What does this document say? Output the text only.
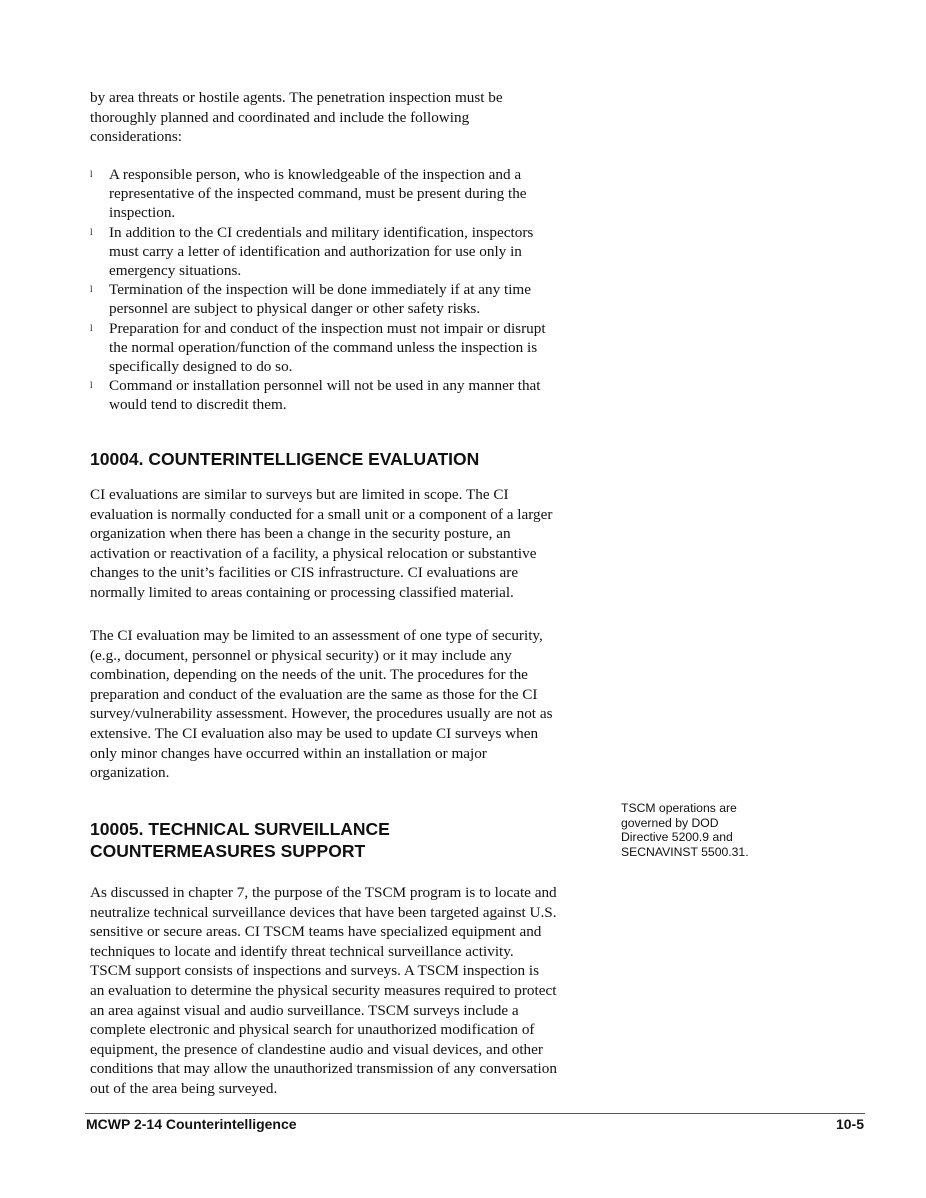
by area threats or hostile agents. The penetration inspection must be
thoroughly planned and coordinated and include the following
considerations:
l A responsible person, who is knowledgeable of the inspection and a
representative of the inspected command, must be present during the
inspection.
l In addition to the CI credentials and military identification, inspectors
must carry a letter of identification and authorization for use only in
emergency situations.
l Termination of the inspection will be done immediately if at any time
personnel are subject to physical danger or other safety risks.
l Preparation for and conduct of the inspection must not impair or disrupt
the normal operation/function of the command unless the inspection is
specifically designed to do so.
l Command or installation personnel will not be used in any manner that
would tend to discredit them.
10004. COUNTERINTELLIGENCE EVALUATION
CI evaluations are similar to surveys but are limited in scope. The CI
evaluation is normally conducted for a small unit or a component of a larger
organization when there has been a change in the security posture, an
activation or reactivation of a facility, a physical relocation or substantive
changes to the unit’s facilities or CIS infrastructure. CI evaluations are
normally limited to areas containing or processing classified material.
The CI evaluation may be limited to an assessment of one type of security,
(e.g., document, personnel or physical security) or it may include any
combination, depending on the needs of the unit. The procedures for the
preparation and conduct of the evaluation are the same as those for the CI
survey/vulnerability assessment. However, the procedures usually are not as
extensive. The CI evaluation also may be used to update CI surveys when
only minor changes have occurred within an installation or major
organization.
10005. TECHNICAL SURVEILLANCE
COUNTERMEASURES SUPPORT
TSCM operations are
governed by DOD
Directive 5200.9 and
SECNAVINST 5500.31.
As discussed in chapter 7, the purpose of the TSCM program is to locate and
neutralize technical surveillance devices that have been targeted against U.S.
sensitive or secure areas. CI TSCM teams have specialized equipment and
techniques to locate and identify threat technical surveillance activity.
TSCM support consists of inspections and surveys. A TSCM inspection is
an evaluation to determine the physical security measures required to protect
an area against visual and audio surveillance. TSCM surveys include a
complete electronic and physical search for unauthorized modification of
equipment, the presence of clandestine audio and visual devices, and other
conditions that may allow the unauthorized transmission of any conversation
out of the area being surveyed.
MCWP 2-14 Counterintelligence	10-5
